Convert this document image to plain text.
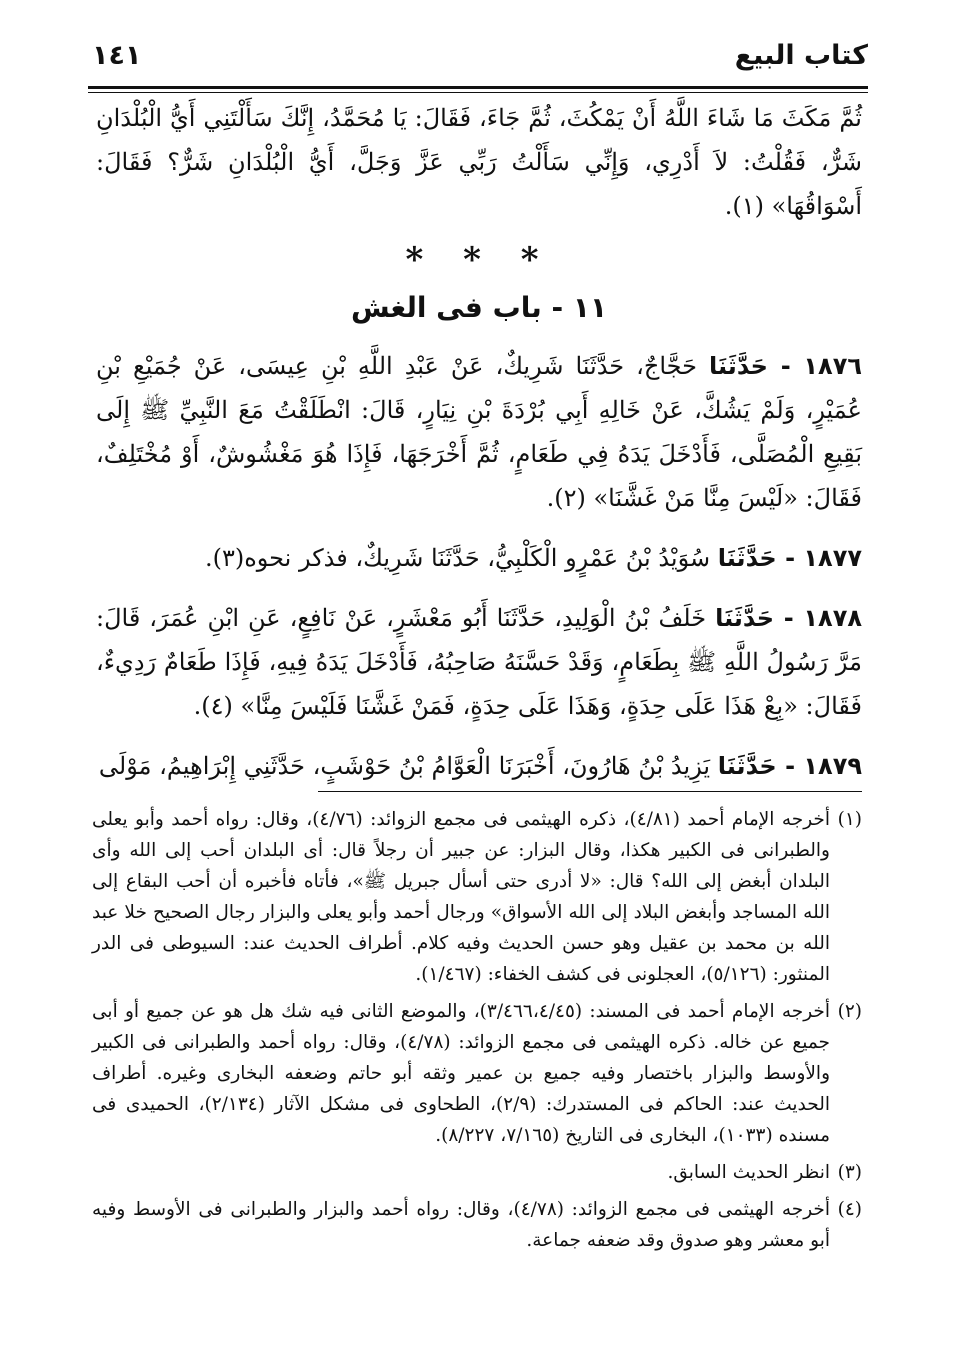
كتاب البيع
١٤١

ثُمَّ مَكَثَ مَا شَاءَ اللَّهُ أَنْ يَمْكُثَ، ثُمَّ جَاءَ، فَقَالَ: يَا مُحَمَّدُ، إِنَّكَ سَأَلْتَنِي أَيُّ الْبُلْدَانِ شَرٌّ، فَقُلْتُ: لاَ أَدْرِي، وَإِنِّي سَأَلْتُ رَبِّي عَزَّ وَجَلَّ، أَيُّ الْبُلْدَانِ شَرٌّ؟ فَقَالَ: أَسْوَاقُهَا» (١).

* * *
١١ - باب فى الغش

١٨٧٦ - حَدَّثَنَا حَجَّاجٌ، حَدَّثَنَا شَرِيكٌ، عَنْ عَبْدِ اللَّهِ بْنِ عِيسَى، عَنْ جُمَيْعِ بْنِ عُمَيْرٍ، وَلَمْ يَشُكَّ، عَنْ خَالِهِ أَبِي بُرْدَةَ بْنِ نِيَارٍ، قَالَ: انْطَلَقْتُ مَعَ النَّبِيِّ ﷺ إِلَى بَقِيعِ الْمُصَلَّى، فَأَدْخَلَ يَدَهُ فِي طَعَامٍ، ثُمَّ أَخْرَجَهَا، فَإِذَا هُوَ مَغْشُوشٌ، أَوْ مُخْتَلِفٌ، فَقَالَ: «لَيْسَ مِنَّا مَنْ غَشَّنَا» (٢).

١٨٧٧ - حَدَّثَنَا سُوَيْدُ بْنُ عَمْرٍو الْكَلْبِيُّ، حَدَّثَنَا شَرِيكٌ، فذكر نحوه(٣).

١٨٧٨ - حَدَّثَنَا خَلَفُ بْنُ الْوَلِيدِ، حَدَّثَنَا أَبُو مَعْشَرٍ، عَنْ نَافِعٍ، عَنِ ابْنِ عُمَرَ، قَالَ: مَرَّ رَسُولُ اللَّهِ ﷺ بِطَعَامٍ، وَقَدْ حَسَّنَهُ صَاحِبُهُ، فَأَدْخَلَ يَدَهُ فِيهِ، فَإِذَا طَعَامٌ رَدِيءٌ، فَقَالَ: «بِعْ هَذَا عَلَى حِدَةٍ، وَهَذَا عَلَى حِدَةٍ، فَمَنْ غَشَّنَا فَلَيْسَ مِنَّا» (٤).

١٨٧٩ - حَدَّثَنَا يَزِيدُ بْنُ هَارُونَ، أَخْبَرَنَا الْعَوَّامُ بْنُ حَوْشَبٍ، حَدَّثَنِي إِبْرَاهِيمُ، مَوْلَى

(١)
أخرجه الإمام أحمد (٤/٨١)، ذكره الهيثمى فى مجمع الزوائد: (٤/٧٦)، وقال: رواه أحمد وأبو يعلى والطبرانى فى الكبير هكذا، وقال البزار: عن جبير أن رجلاً قال: أى البلدان أحب إلى الله وأى البلدان أبغض إلى الله؟ قال: «لا أدرى حتى أسأل جبريل ﷺ»، فأتاه فأخبره أن أحب البقاع إلى الله المساجد وأبغض البلاد إلى الله الأسواق» ورجال أحمد وأبو يعلى والبزار رجال الصحيح خلا عبد الله بن محمد بن عقيل وهو حسن الحديث وفيه كلام. أطراف الحديث عند: السيوطى فى الدر المنثور: (٥/١٢٦)، العجلونى فى كشف الخفاء: (١/٤٦٧).

(٢)
أخرجه الإمام أحمد فى المسند: (٣/٤٦٦،٤/٤٥)، والموضع الثانى فيه شك هل هو عن جميع أو أبى جميع عن خاله. ذكره الهيثمى فى مجمع الزوائد: (٤/٧٨)، وقال: رواه أحمد والطبرانى فى الكبير والأوسط والبزار باختصار وفيه جميع بن عمير وثقه أبو حاتم وضعفه البخارى وغيره. أطراف الحديث عند: الحاكم فى المستدرك: (٢/٩)، الطحاوى فى مشكل الآثار (٢/١٣٤)، الحميدى فى مسنده (١٠٣٣)، البخارى فى التاريخ (٧/١٦٥، ٨/٢٢٧).

(٣)
انظر الحديث السابق.

(٤)
أخرجه الهيثمى فى مجمع الزوائد: (٤/٧٨)، وقال: رواه أحمد والبزار والطبرانى فى الأوسط وفيه أبو معشر وهو صدوق وقد ضعفه جماعة.
